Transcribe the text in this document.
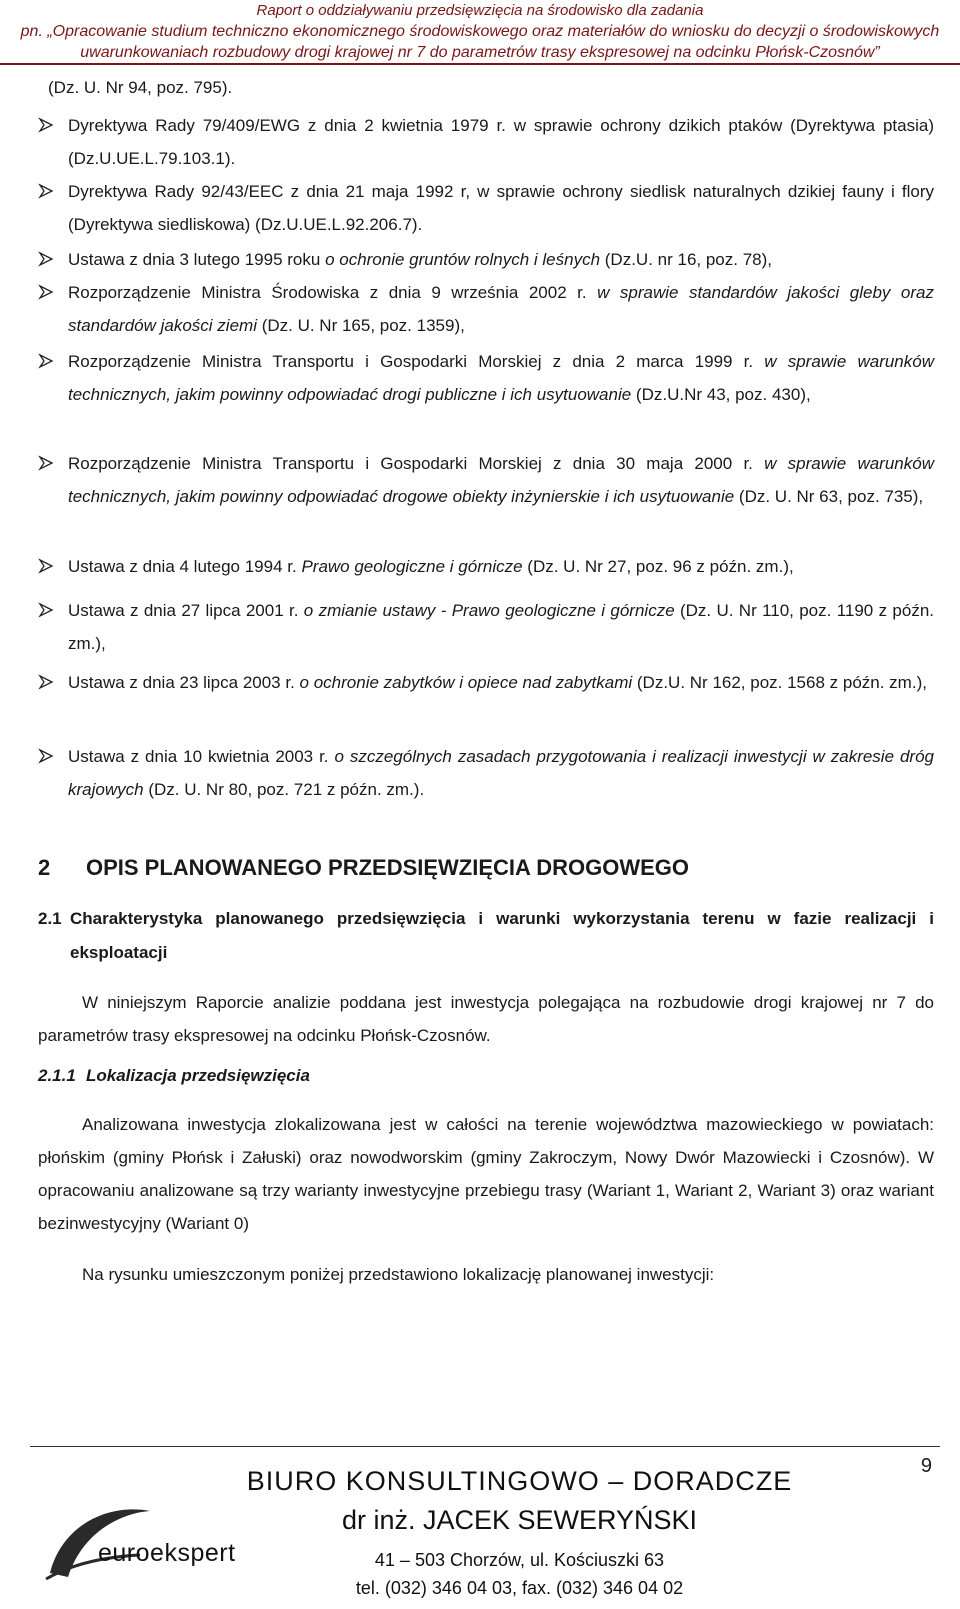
Raport o oddziaływaniu przedsięwzięcia na środowisko dla zadania
pn. „Opracowanie studium techniczno ekonomicznego środowiskowego oraz materiałów do wniosku do decyzji o środowiskowych
uwarunkowaniach rozbudowy drogi krajowej nr 7 do parametrów trasy ekspresowej na odcinku Płońsk-Czosnów”
(Dz. U. Nr 94, poz. 795).
Dyrektywa Rady 79/409/EWG z dnia 2 kwietnia 1979 r. w sprawie ochrony dzikich ptaków (Dyrektywa ptasia) (Dz.U.UE.L.79.103.1).
Dyrektywa Rady 92/43/EEC z dnia 21 maja 1992 r, w sprawie ochrony siedlisk naturalnych dzikiej fauny i flory (Dyrektywa siedliskowa) (Dz.U.UE.L.92.206.7).
Ustawa z dnia 3 lutego 1995 roku o ochronie gruntów rolnych i leśnych (Dz.U. nr 16, poz. 78),
Rozporządzenie Ministra Środowiska z dnia 9 września 2002 r. w sprawie standardów jakości gleby oraz standardów jakości ziemi (Dz. U. Nr 165, poz. 1359),
Rozporządzenie Ministra Transportu i Gospodarki Morskiej z dnia 2 marca 1999 r. w sprawie warunków technicznych, jakim powinny odpowiadać drogi publiczne i ich usytuowanie (Dz.U.Nr 43, poz. 430),
Rozporządzenie Ministra Transportu i Gospodarki Morskiej z dnia 30 maja 2000 r. w sprawie warunków technicznych, jakim powinny odpowiadać drogowe obiekty inżynierskie i ich usytuowanie (Dz. U. Nr 63, poz. 735),
Ustawa z dnia 4 lutego 1994 r. Prawo geologiczne i górnicze (Dz. U. Nr 27, poz. 96 z późn. zm.),
Ustawa z dnia 27 lipca 2001 r. o zmianie ustawy - Prawo geologiczne i górnicze (Dz. U. Nr 110, poz. 1190 z późn. zm.),
Ustawa z dnia 23 lipca 2003 r. o ochronie zabytków i opiece nad zabytkami (Dz.U. Nr 162, poz. 1568 z późn. zm.),
Ustawa z dnia 10 kwietnia 2003 r. o szczególnych zasadach przygotowania i realizacji inwestycji w zakresie dróg krajowych (Dz. U. Nr 80, poz. 721 z późn. zm.).
2 OPIS PLANOWANEGO PRZEDSIĘWZIĘCIA DROGOWEGO
2.1 Charakterystyka planowanego przedsięwzięcia i warunki wykorzystania terenu w fazie realizacji i eksploatacji
W niniejszym Raporcie analizie poddana jest inwestycja polegająca na rozbudowie drogi krajowej nr 7 do parametrów trasy ekspresowej na odcinku Płońsk-Czosnów.
Analizowana inwestycja zlokalizowana jest w całości na terenie województwa mazowieckiego w powiatach: płońskim (gminy Płońsk i Załuski) oraz nowodworskim (gminy Zakroczym, Nowy Dwór Mazowiecki i Czosnów). W opracowaniu analizowane są trzy warianty inwestycyjne przebiegu trasy (Wariant 1, Wariant 2, Wariant 3) oraz wariant bezinwestycyjny (Wariant 0)
Na rysunku umieszczonym poniżej przedstawiono lokalizację planowanej inwestycji:
2.1.1 Lokalizacja przedsięwzięcia
euroekspert
BIURO KONSULTINGOWO – DORADCZE
dr inż. JACEK SEWERYŃSKI
41 – 503 Chorzów, ul. Kościuszki 63
tel. (032) 346 04 03, fax. (032) 346 04 02
9
